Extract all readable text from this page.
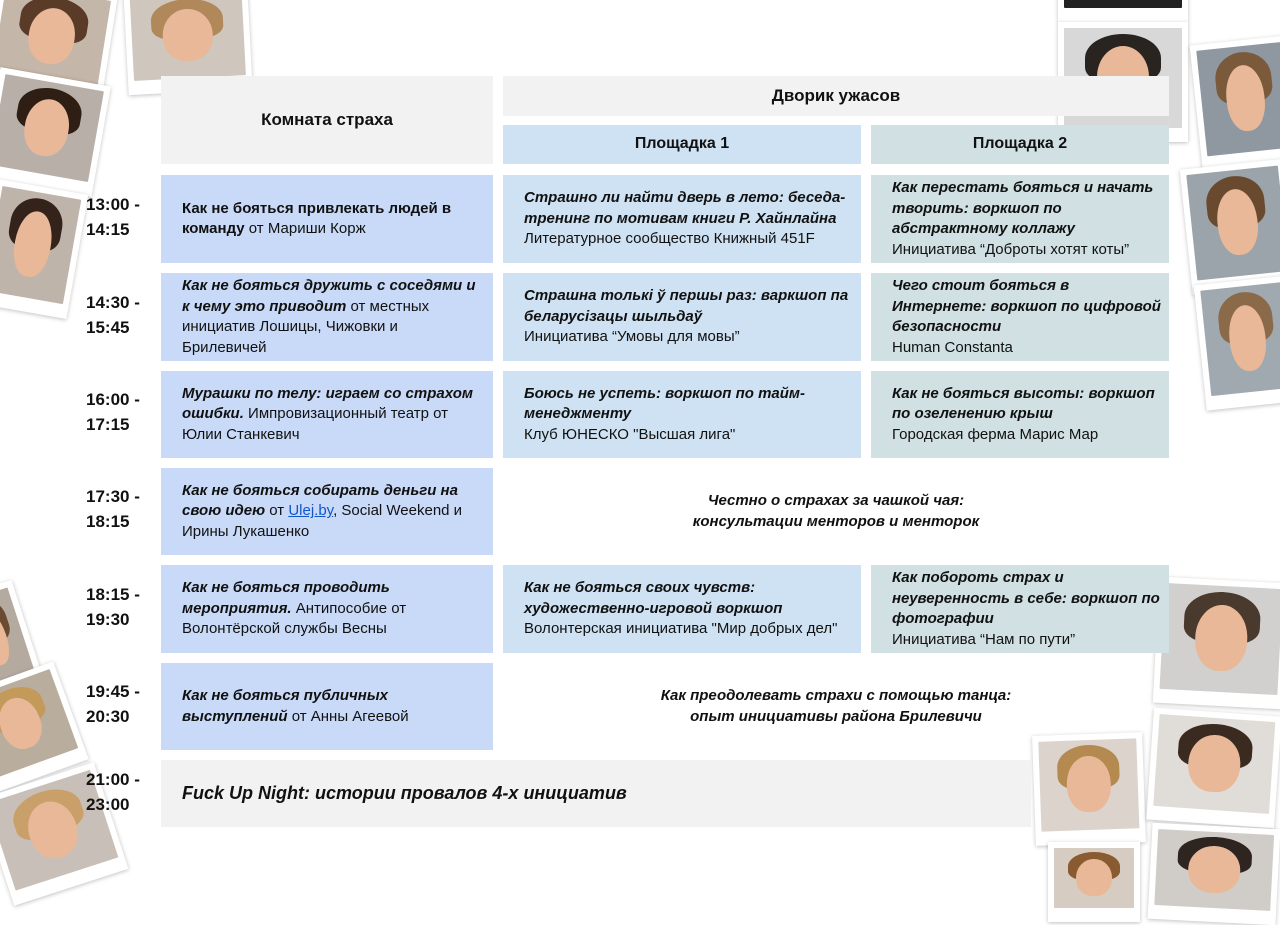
Комната страха
Дворик ужасов
Площадка 1	Площадка 2
13:00 -
14:15
14:30 -
15:45
16:00 -
17:15
17:30 -
18:15
18:15 -
19:30
19:45 -
20:30
21:00 -
23:00
Как не бояться привлекать людей в команду от Мариши Корж
Страшно ли найти дверь в лето: беседа-тренинг по мотивам книги Р. Хайнлайна
Литературное сообщество Книжный 451F
Как перестать бояться и начать творить: воркшоп по абстрактному коллажу
Инициатива “Доброты хотят коты”
Как не бояться дружить с соседями и к чему это приводит от местных инициатив Лошицы, Чижовки и Брилевичей
Страшна толькі ў першы раз: варкшоп па беларусізацы шыльдаў
Инициатива “Умовы для мовы”
Чего стоит бояться в Интернете: воркшоп по цифровой безопасности
Human Constanta
Мурашки по телу: играем со страхом ошибки. Импровизационный театр от Юлии Станкевич
Боюсь не успеть: воркшоп по тайм-менеджменту
Клуб ЮНЕСКО "Высшая лига"
Как не бояться высоты: воркшоп по озеленению крыш
Городская ферма Марис Мар
Как не бояться собирать деньги на свою идею от Ulej.by, Social Weekend и Ирины Лукашенко
Честно о страхах за чашкой чая:
консультации менторов и менторок
Как не бояться проводить мероприятия. Антипособие от Волонтёрской службы Весны
Как не бояться своих чувств: художественно-игровой воркшоп
Волонтерская инициатива "Мир добрых дел"
Как побороть страх и неуверенность в себе: воркшоп по фотографии
Инициатива “Нам по пути”
Как не бояться публичных выступлений от Анны Агеевой
Как преодолевать страхи с помощью танца:
опыт инициативы района Брилевичи
Fuck Up Night: истории провалов 4-х инициатив
